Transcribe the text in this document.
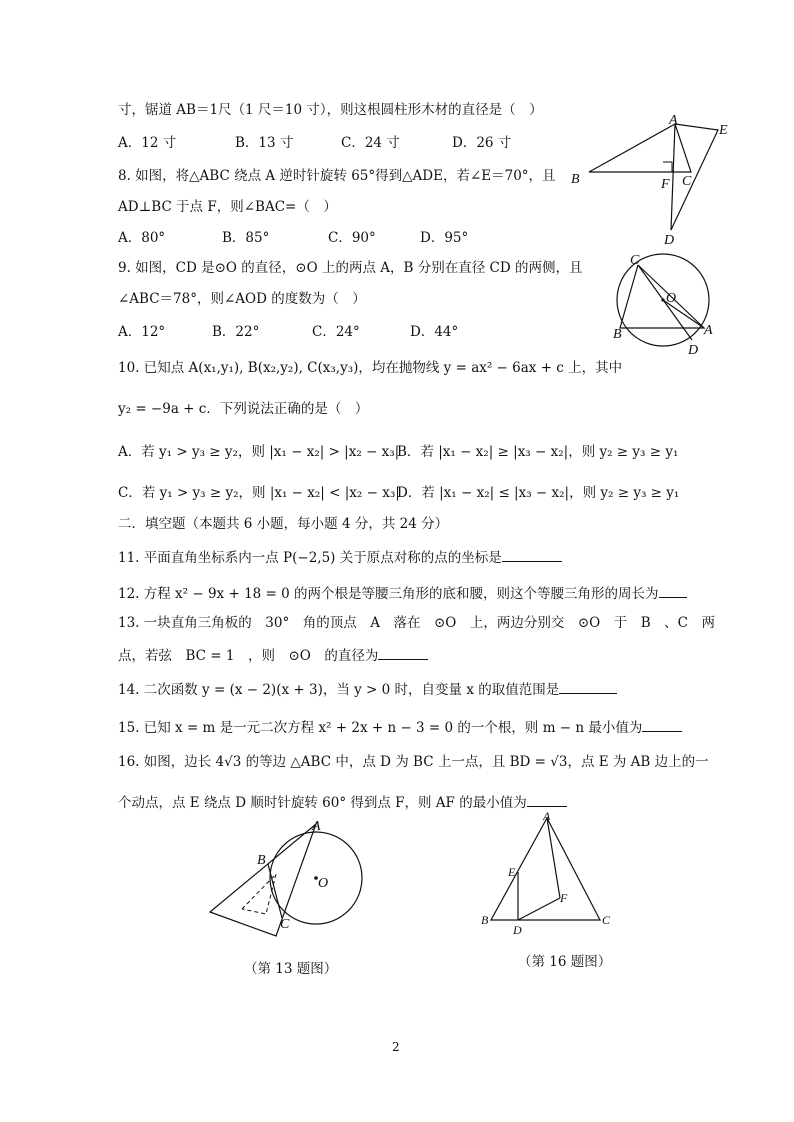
寸，锯道 AB＝1尺（1 尺＝10 寸），则这根圆柱形木材的直径是（　）
A．12 寸	B．13 寸	C．24 寸	D．26 寸
8. 如图，将△ABC 绕点 A 逆时针旋转 65°得到△ADE，若∠E＝70°，且
AD⊥BC 于点 F，则∠BAC=（　）
A．80°	B．85°	C．90°	D．95°
A
E
B	F C
D
9. 如图，CD 是⊙O 的直径，⊙O 上的两点 A，B 分别在直径 CD 的两侧，且
∠ABC＝78°，则∠AOD 的度数为（　）
A．12°	B．22°	C．24°	D．44°
C
O
B	A
D
10. 已知点 A(x₁,y₁), B(x₂,y₂), C(x₃,y₃)，均在抛物线 y = ax² − 6ax + c 上，其中
y₂ = −9a + c．下列说法正确的是（　）
A．若 y₁ > y₃ ≥ y₂，则 |x₁ − x₂| > |x₂ − x₃|
B．若 |x₁ − x₂| ≥ |x₃ − x₂|，则 y₂ ≥ y₃ ≥ y₁
C．若 y₁ > y₃ ≥ y₂，则 |x₁ − x₂| < |x₂ − x₃|
D．若 |x₁ − x₂| ≤ |x₃ − x₂|，则 y₂ ≥ y₃ ≥ y₁
二．填空题（本题共 6 小题，每小题 4 分，共 24 分）
11. 平面直角坐标系内一点 P(−2,5) 关于原点对称的点的坐标是
12. 方程 x² − 9x + 18 = 0 的两个根是等腰三角形的底和腰，则这个等腰三角形的周长为
13. 一块直角三角板的　30°　角的顶点　A　落在　⊙O　上，两边分别交　⊙O　于　B　、C　两
点，若弦　BC = 1　，则　⊙O　的直径为
14. 二次函数 y = (x − 2)(x + 3)，当 y > 0 时，自变量 x 的取值范围是
15. 已知 x = m 是一元二次方程 x² + 2x + n − 3 = 0 的一个根，则 m − n 最小值为
16. 如图，边长 4√3 的等边 △ABC 中，点 D 为 BC 上一点，且 BD = √3，点 E 为 AB 边上的一
个动点，点 E 绕点 D 顺时针旋转 60° 得到点 F，则 AF 的最小值为
A
B
O
C
（第 13 题图）
A
E
F
B
D
C
（第 16 题图）
2
